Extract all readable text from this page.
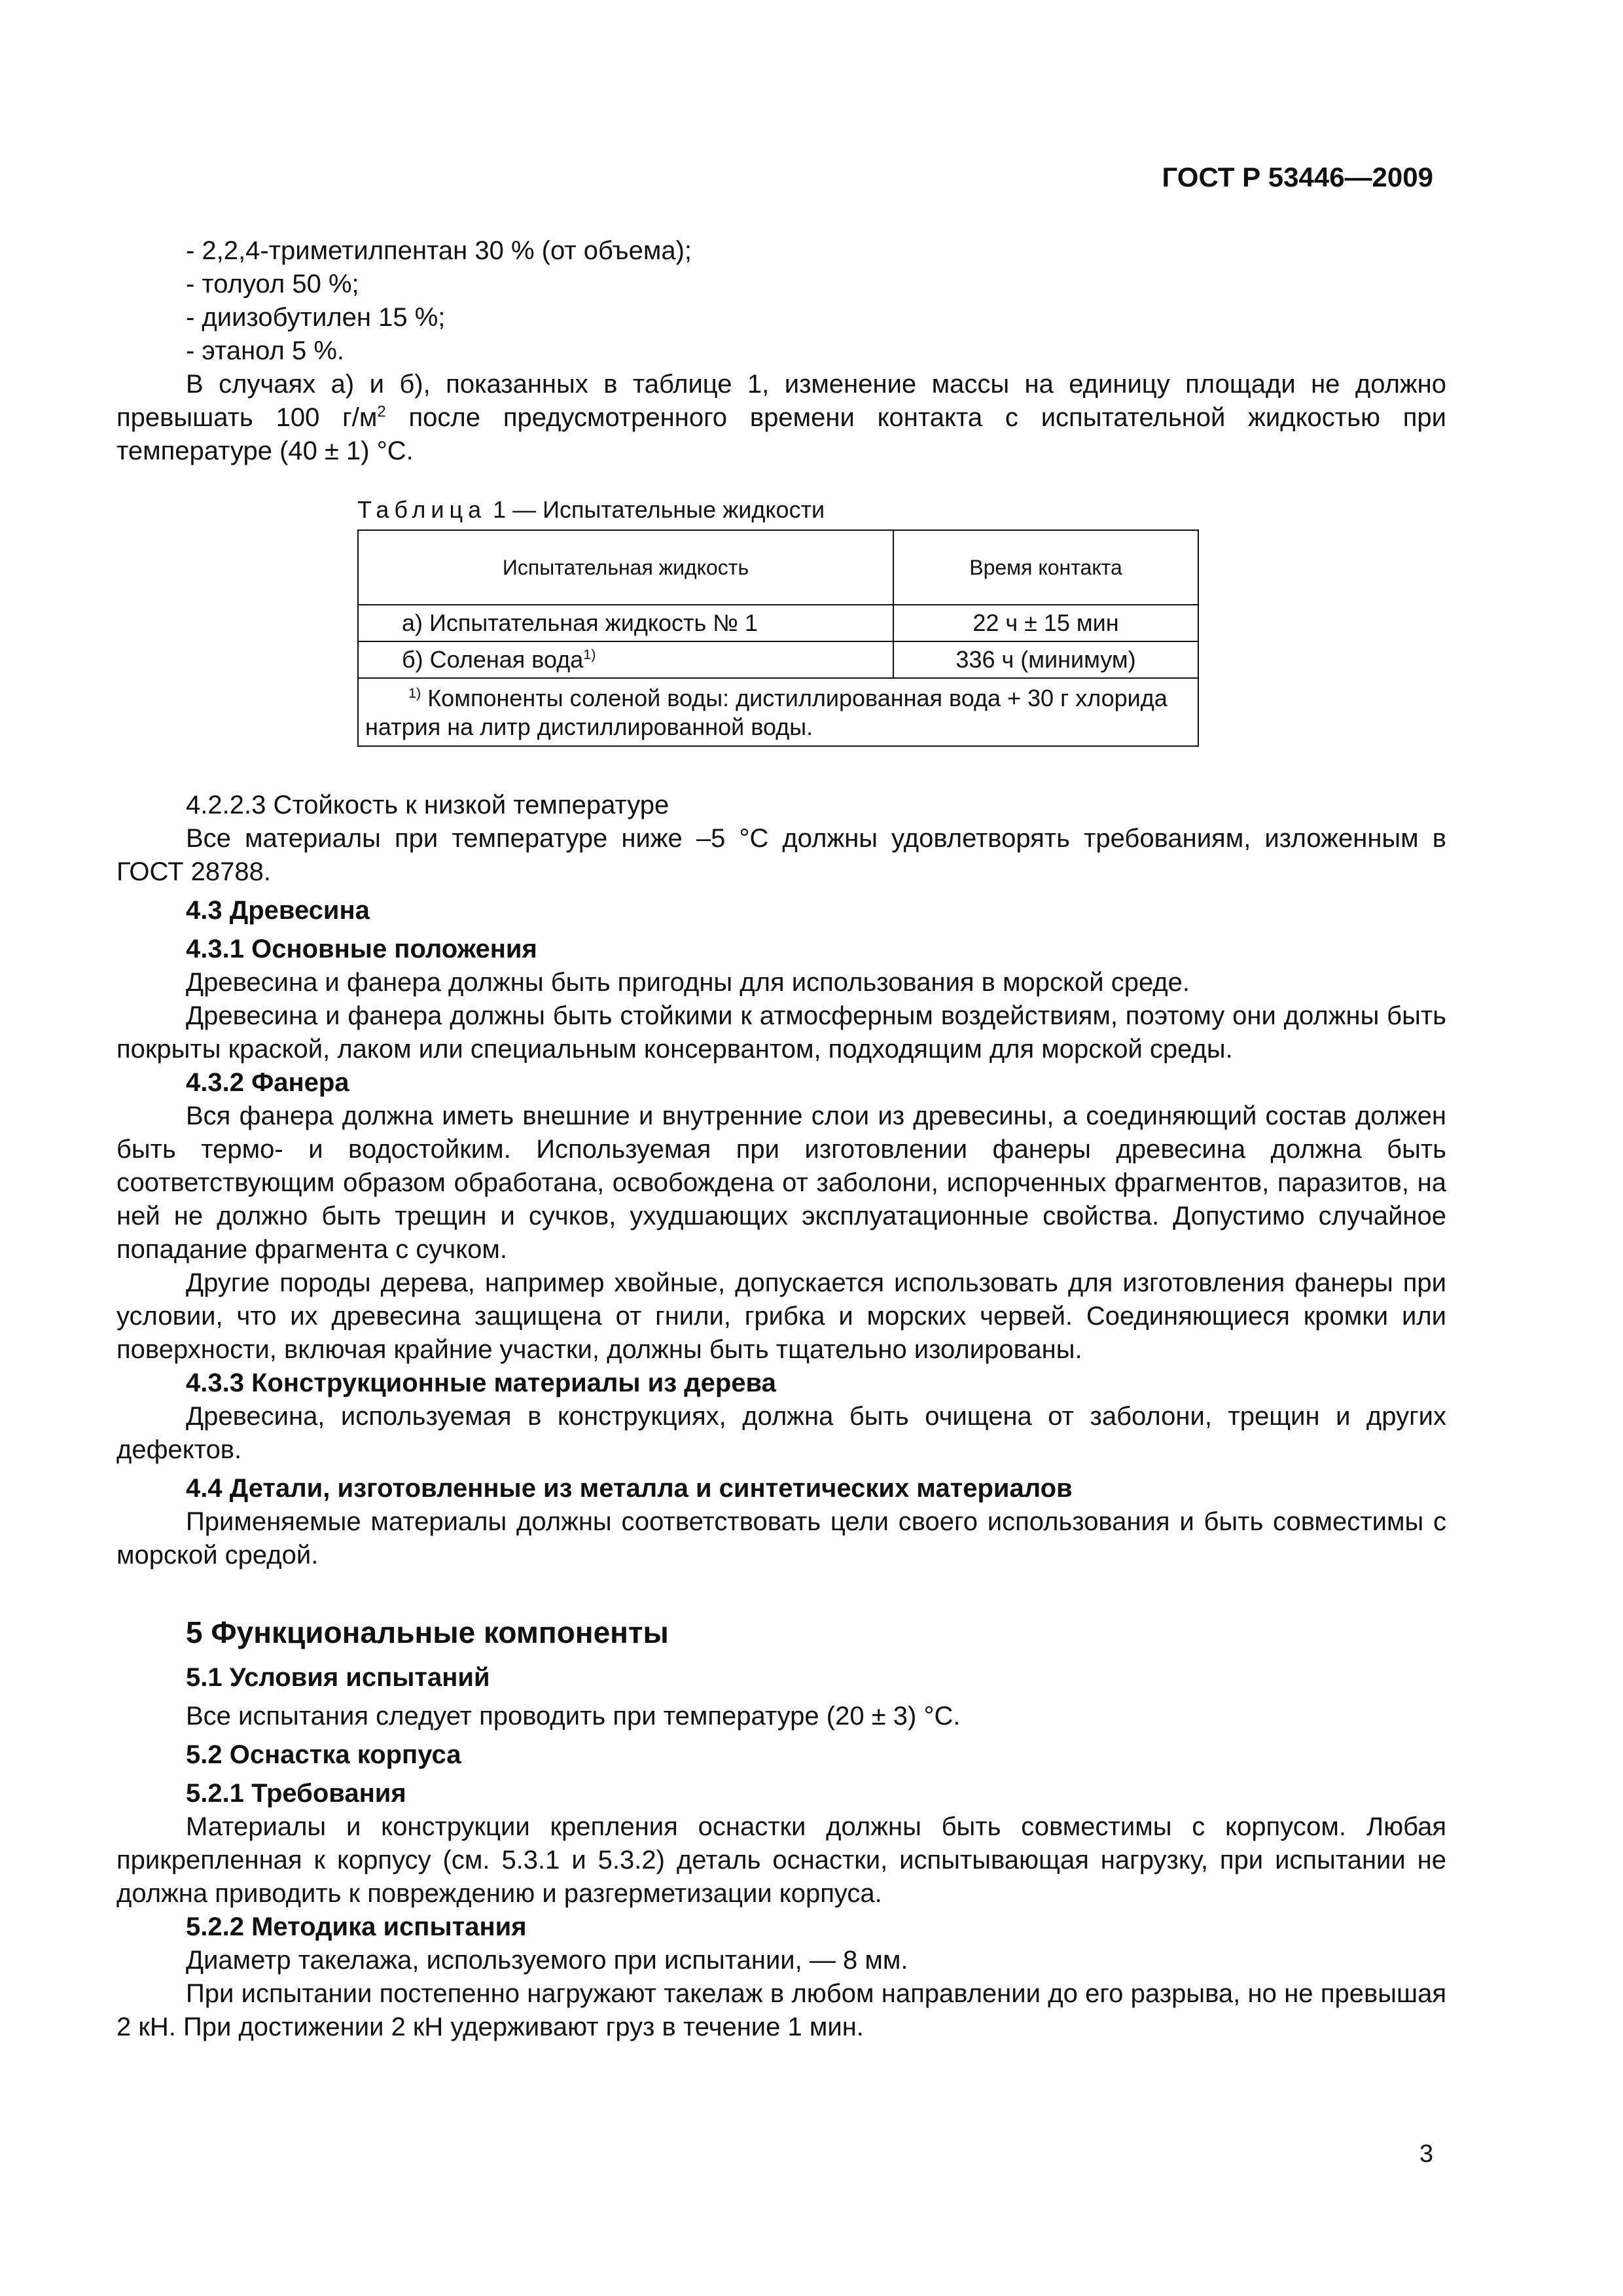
ГОСТ Р 53446—2009

- 2,2,4-триметилпентан 30 % (от объема);

- толуол 50 %;

- диизобутилен 15 %;

- этанол 5 %.

В случаях а) и б), показанных в таблице 1, изменение массы на единицу площади не должно превышать 100 $г/м^2$ после предусмотренного времени контакта с испытательной жидкостью при температуре (40 ± 1) °С.

Таблица 1 — Испытательные жидкости
Испытательная жидкость	Время контакта
а) Испытательная жидкость № 1	22 ч ± 15 мин
б) Соленая вода$^{1)}$	336 ч (минимум)
$^{1)}$ Компоненты соленой воды: дистиллированная вода + 30 г хлорида натрия на литр дистиллированной воды.	

4.2.2.3 Стойкость к низкой температуре

Все материалы при температуре ниже –5 °С должны удовлетворять требованиям, изложенным в ГОСТ 28788.

4.3 Древесина

4.3.1 Основные положения

Древесина и фанера должны быть пригодны для использования в морской среде.

Древесина и фанера должны быть стойкими к атмосферным воздействиям, поэтому они должны быть покрыты краской, лаком или специальным консервантом, подходящим для морской среды.

4.3.2 Фанера

Вся фанера должна иметь внешние и внутренние слои из древесины, а соединяющий состав должен быть термо- и водостойким. Используемая при изготовлении фанеры древесина должна быть соответствующим образом обработана, освобождена от заболони, испорченных фрагментов, паразитов, на ней не должно быть трещин и сучков, ухудшающих эксплуатационные свойства. Допустимо случайное попадание фрагмента с сучком.

Другие породы дерева, например хвойные, допускается использовать для изготовления фанеры при условии, что их древесина защищена от гнили, грибка и морских червей. Соединяющиеся кромки или поверхности, включая крайние участки, должны быть тщательно изолированы.

4.3.3 Конструкционные материалы из дерева

Древесина, используемая в конструкциях, должна быть очищена от заболони, трещин и других дефектов.

4.4 Детали, изготовленные из металла и синтетических материалов

Применяемые материалы должны соответствовать цели своего использования и быть совместимы с морской средой.

5 Функциональные компоненты

5.1 Условия испытаний

Все испытания следует проводить при температуре (20 ± 3) °С.

5.2 Оснастка корпуса

5.2.1 Требования

Материалы и конструкции крепления оснастки должны быть совместимы с корпусом. Любая прикрепленная к корпусу (см. 5.3.1 и 5.3.2) деталь оснастки, испытывающая нагрузку, при испытании не должна приводить к повреждению и разгерметизации корпуса.

5.2.2 Методика испытания

Диаметр такелажа, используемого при испытании, — 8 мм.

При испытании постепенно нагружают такелаж в любом направлении до его разрыва, но не превышая 2 кН. При достижении 2 кН удерживают груз в течение 1 мин.

3
